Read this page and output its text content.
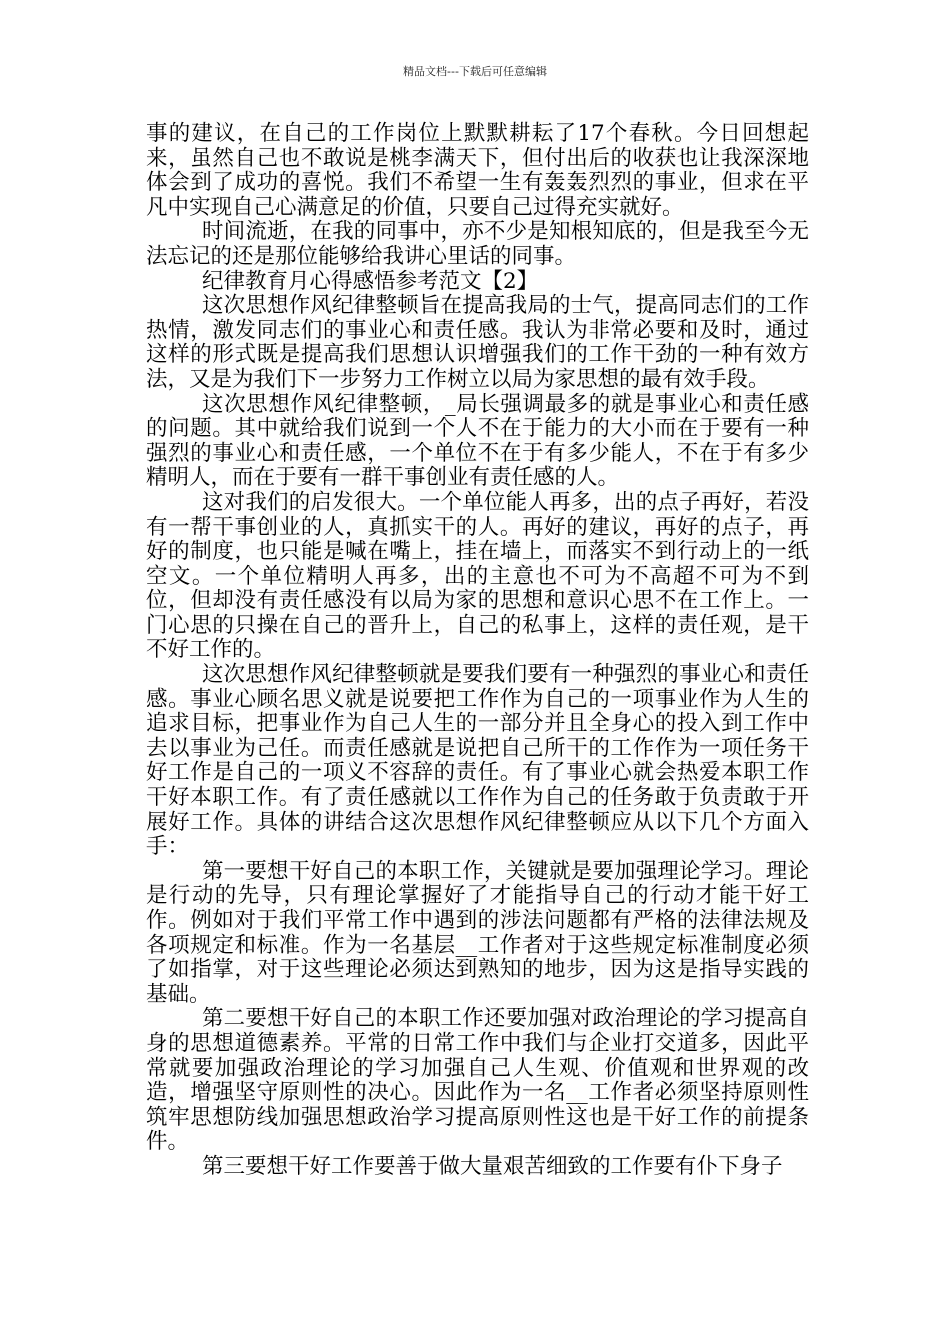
精品文档---下载后可任意编辑

事的建议，在自己的工作岗位上默默耕耘了17个春秋。今日回想起来，虽然自己也不敢说是桃李满天下，但付出后的收获也让我深深地体会到了成功的喜悦。我们不希望一生有轰轰烈烈的事业，但求在平凡中实现自己心满意足的价值，只要自己过得充实就好。

时间流逝，在我的同事中，亦不少是知根知底的，但是我至今无法忘记的还是那位能够给我讲心里话的同事。

纪律教育月心得感悟参考范文【2】

这次思想作风纪律整顿旨在提高我局的士气，提高同志们的工作热情，激发同志们的事业心和责任感。我认为非常必要和及时，通过这样的形式既是提高我们思想认识增强我们的工作干劲的一种有效方法，又是为我们下一步努力工作树立以局为家思想的最有效手段。

这次思想作风纪律整顿，_局长强调最多的就是事业心和责任感的问题。其中就给我们说到一个人不在于能力的大小而在于要有一种强烈的事业心和责任感，一个单位不在于有多少能人，不在于有多少精明人，而在于要有一群干事创业有责任感的人。

这对我们的启发很大。一个单位能人再多，出的点子再好，若没有一帮干事创业的人，真抓实干的人。再好的建议，再好的点子，再好的制度，也只能是喊在嘴上，挂在墙上，而落实不到行动上的一纸空文。一个单位精明人再多，出的主意也不可为不高超不可为不到位，但却没有责任感没有以局为家的思想和意识心思不在工作上。一门心思的只操在自己的晋升上，自己的私事上，这样的责任观，是干不好工作的。

这次思想作风纪律整顿就是要我们要有一种强烈的事业心和责任感。事业心顾名思义就是说要把工作作为自己的一项事业作为人生的追求目标，把事业作为自己人生的一部分并且全身心的投入到工作中去以事业为己任。而责任感就是说把自己所干的工作作为一项任务干好工作是自己的一项义不容辞的责任。有了事业心就会热爱本职工作干好本职工作。有了责任感就以工作作为自己的任务敢于负责敢于开展好工作。具体的讲结合这次思想作风纪律整顿应从以下几个方面入手：

第一要想干好自己的本职工作，关键就是要加强理论学习。理论是行动的先导，只有理论掌握好了才能指导自己的行动才能干好工作。例如对于我们平常工作中遇到的涉法问题都有严格的法律法规及各项规定和标准。作为一名基层__工作者对于这些规定标准制度必须了如指掌，对于这些理论必须达到熟知的地步，因为这是指导实践的基础。

第二要想干好自己的本职工作还要加强对政治理论的学习提高自身的思想道德素养。平常的日常工作中我们与企业打交道多，因此平常就要加强政治理论的学习加强自己人生观、价值观和世界观的改造，增强坚守原则性的决心。因此作为一名__工作者必须坚持原则性筑牢思想防线加强思想政治学习提高原则性这也是干好工作的前提条件。

第三要想干好工作要善于做大量艰苦细致的工作要有仆下身子
